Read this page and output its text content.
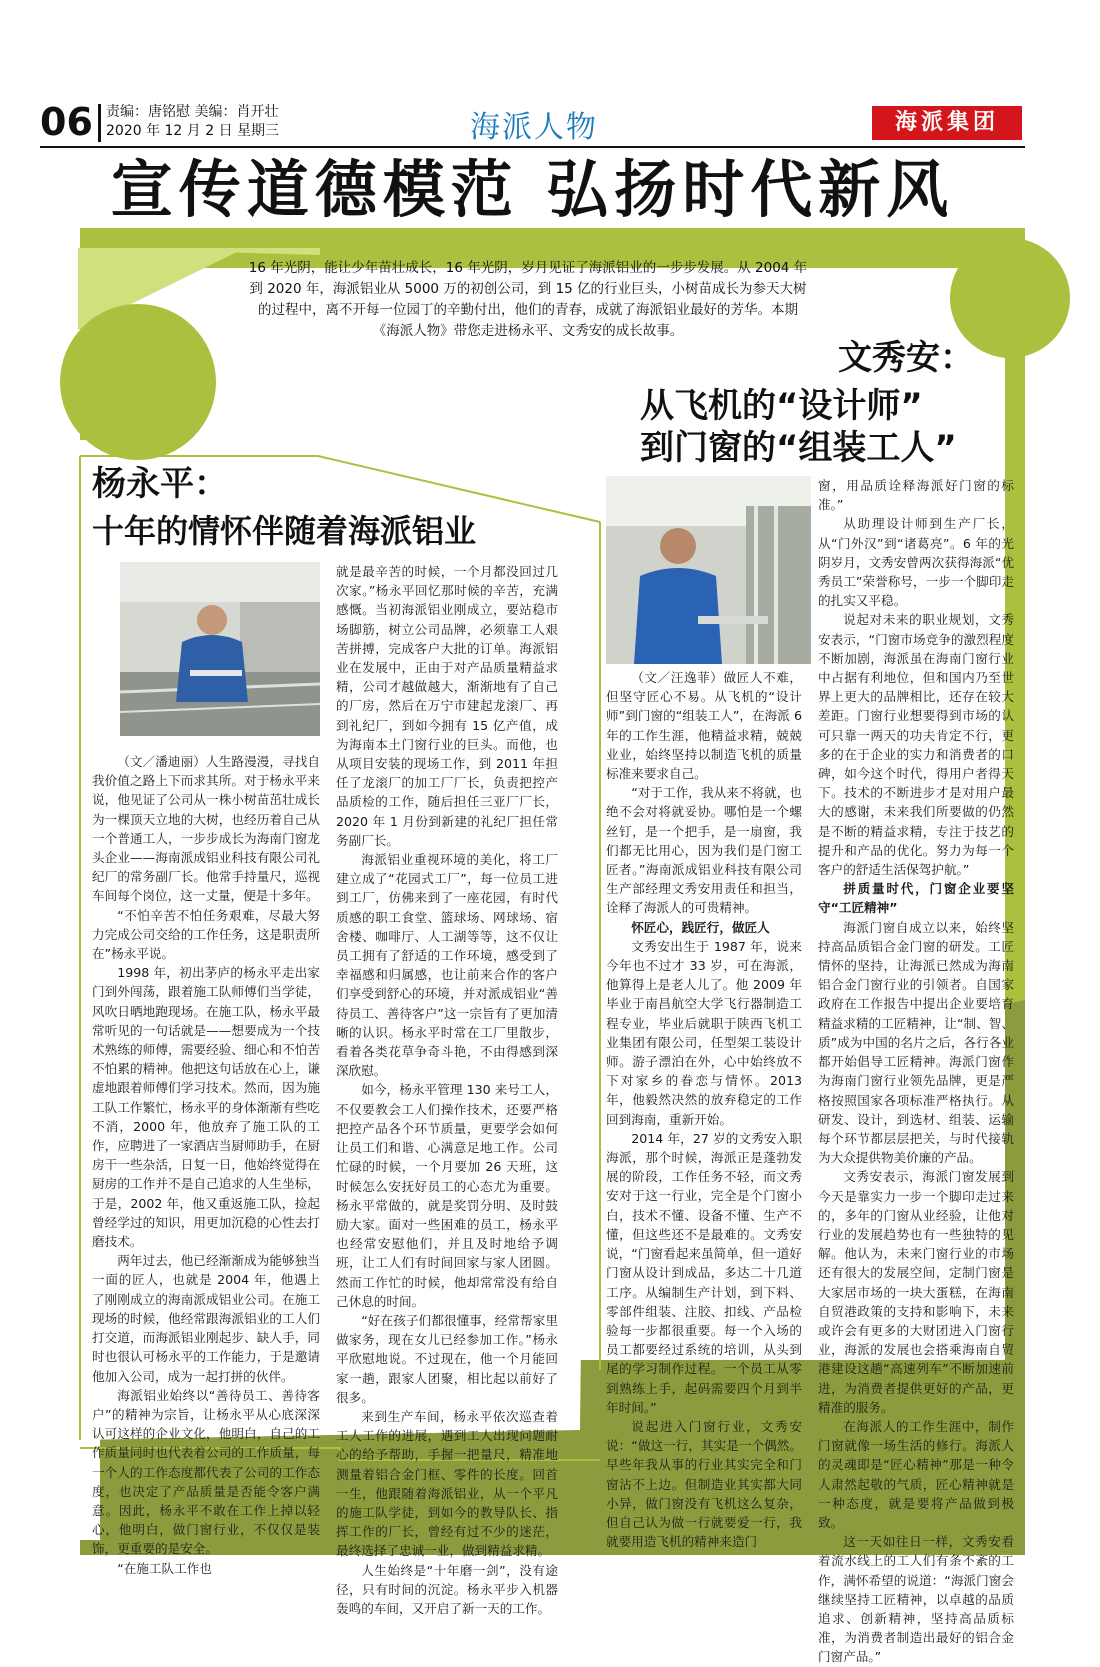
06 责编：唐铭慰 美编：肖开壮
2020 年 12 月 2 日 星期三	海派人物	海派集团
宣传道德模范 弘扬时代新风
16 年光阴，能让少年苗壮成长，16 年光阴，岁月见证了海派铝业的一步步发展。从 2004 年到 2020 年，海派铝业从 5000 万的初创公司，到 15 亿的行业巨头，小树苗成长为参天大树的过程中，离不开每一位园丁的辛勤付出，他们的青春，成就了海派铝业最好的芳华。本期《海派人物》带您走进杨永平、文秀安的成长故事。
文秀安：
从飞机的“设计师”
到门窗的“组装工人”
杨永平：
十年的情怀伴随着海派铝业

（文／潘迪丽）人生路漫漫，寻找自我价值之路上下而求其所。对于杨永平来说，他见证了公司从一株小树苗茁壮成长为一棵顶天立地的大树，也经历着自己从一个普通工人，一步步成长为海南门窗龙头企业——海南派成铝业科技有限公司礼纪厂的常务副厂长。他常手持量尺，巡视车间每个岗位，这一丈量，便是十多年。

“不怕辛苦不怕任务艰难，尽最大努力完成公司交给的工作任务，这是职责所在”杨永平说。

1998 年，初出茅庐的杨永平走出家门到外闯荡，跟着施工队师傅们当学徒，风吹日晒地跑现场。在施工队，杨永平最常听见的一句话就是——想要成为一个技术熟练的师傅，需要经验、细心和不怕苦不怕累的精神。他把这句话放在心上，谦虚地跟着师傅们学习技术。然而，因为施工队工作繁忙，杨永平的身体渐渐有些吃不消，2000 年，他放弃了施工队的工作，应聘进了一家酒店当厨师助手，在厨房干一些杂活，日复一日，他始终觉得在厨房的工作并不是自己追求的人生坐标，于是，2002 年，他又重返施工队，捡起曾经学过的知识，用更加沉稳的心性去打磨技术。

两年过去，他已经渐渐成为能够独当一面的匠人，也就是 2004 年，他遇上了刚刚成立的海南派成铝业公司。在施工现场的时候，他经常跟海派铝业的工人们打交道，而海派铝业刚起步、缺人手，同时也很认可杨永平的工作能力，于是邀请他加入公司，成为一起打拼的伙伴。

海派铝业始终以“善待员工、善待客户”的精神为宗旨，让杨永平从心底深深认可这样的企业文化，他明白，自己的工作质量同时也代表着公司的工作质量，每一个人的工作态度都代表了公司的工作态度，也决定了产品质量是否能令客户满意。因此，杨永平不敢在工作上掉以轻心，他明白，做门窗行业，不仅仅是装饰，更重要的是安全。

“在施工队工作也

就是最辛苦的时候，一个月都没回过几次家。”杨永平回忆那时候的辛苦，充满感慨。当初海派铝业刚成立，要站稳市场脚筋，树立公司品牌，必须靠工人艰苦拼搏，完成客户大批的订单。海派铝业在发展中，正由于对产品质量精益求精，公司才越做越大，渐渐地有了自己的厂房，然后在万宁市建起龙滚厂、再到礼纪厂，到如今拥有 15 亿产值，成为海南本土门窗行业的巨头。而他，也从项目安装的现场工作，到 2011 年担任了龙滚厂的加工厂厂长，负责把控产品质检的工作，随后担任三亚厂厂长，2020 年 1 月份到新建的礼纪厂担任常务副厂长。

海派铝业重视环境的美化，将工厂建立成了“花园式工厂”，每一位员工进到工厂，仿佛来到了一座花园，有时代质感的职工食堂、篮球场、网球场、宿舍楼、咖啡厅、人工湖等等，这不仅让员工拥有了舒适的工作环境，感受到了幸福感和归属感，也让前来合作的客户们享受到舒心的环境，并对派成铝业“善待员工、善待客户”这一宗旨有了更加清晰的认识。杨永平时常在工厂里散步，看着各类花草争奇斗艳，不由得感到深深欣慰。

如今，杨永平管理 130 来号工人，不仅要教会工人们操作技术，还要严格把控产品各个环节质量，更要学会如何让员工们和谐、心满意足地工作。公司忙碌的时候，一个月要加 26 天班，这时候怎么安抚好员工的心态尤为重要。杨永平常做的，就是奖罚分明、及时鼓励大家。面对一些困难的员工，杨永平也经常安慰他们，并且及时地给予调班，让工人们有时间回家与家人团圆。然而工作忙的时候，他却常常没有给自己休息的时间。

“好在孩子们都很懂事，经常帮家里做家务，现在女儿已经参加工作。”杨永平欣慰地说。不过现在，他一个月能回家一趟，跟家人团聚，相比起以前好了很多。

来到生产车间，杨永平依次巡查着工人工作的进展，遇到工人出现问题耐心的给予帮助，手握一把量尺，精准地测量着铝合金门框、零件的长度。回首一生，他跟随着海派铝业，从一个平凡的施工队学徒，到如今的教导队长、指挥工作的厂长，曾经有过不少的迷茫，最终选择了忠诚一业，做到精益求精。

人生始终是“十年磨一剑”，没有途径，只有时间的沉淀。杨永平步入机器轰鸣的车间，又开启了新一天的工作。

（文／汪逸菲）做匠人不难，但坚守匠心不易。从飞机的“设计师”到门窗的“组装工人”，在海派 6 年的工作生涯，他精益求精，兢兢业业，始终坚持以制造飞机的质量标准来要求自己。

“对于工作，我从来不将就，也绝不会对将就妥协。哪怕是一个螺丝钉，是一个把手，是一扇窗，我们都无比用心，因为我们是门窗工匠者。”海南派成铝业科技有限公司生产部经理文秀安用责任和担当，诠释了海派人的可贵精神。

怀匠心，践匠行，做匠人

文秀安出生于 1987 年，说来今年也不过才 33 岁，可在海派，他算得上是老人儿了。他 2009 年毕业于南昌航空大学飞行器制造工程专业，毕业后就职于陕西飞机工业集团有限公司，任型架工装设计师。游子漂泊在外，心中始终放不下对家乡的眷恋与情怀。2013 年，他毅然决然的放弃稳定的工作回到海南，重新开始。

2014 年，27 岁的文秀安入职海派，那个时候，海派正是蓬勃发展的阶段，工作任务不轻，而文秀安对于这一行业，完全是个门窗小白，技术不懂、设备不懂、生产不懂，但这些还不是最难的。文秀安说，“门窗看起来虽简单，但一道好门窗从设计到成品，多达二十几道工序。从编制生产计划，到下料、零部件组装、注胶、扣线、产品检验每一步都很重要。每一个入场的员工都要经过系统的培训，从头到尾的学习制作过程。一个员工从零到熟练上手，起码需要四个月到半年时间。”

说起进入门窗行业，文秀安说：“做这一行，其实是一个偶然。早些年我从事的行业其实完全和门窗沾不上边。但制造业其实都大同小异，做门窗没有飞机这么复杂，但自己认为做一行就要爱一行，我就要用造飞机的精神来造门

窗，用品质诠释海派好门窗的标准。”

从助理设计师到生产厂长，从“门外汉”到“诸葛亮”。6 年的光阴岁月，文秀安曾两次获得海派“优秀员工”荣誉称号，一步一个脚印走的扎实又平稳。

说起对未来的职业规划，文秀安表示，“门窗市场竞争的激烈程度不断加剧，海派虽在海南门窗行业中占据有利地位，但和国内乃至世界上更大的品牌相比，还存在较大差距。门窗行业想要得到市场的认可只靠一两天的功夫肯定不行，更多的在于企业的实力和消费者的口碑，如今这个时代，得用户者得天下。技术的不断进步才是对用户最大的感谢，未来我们所要做的仍然是不断的精益求精，专注于技艺的提升和产品的优化。努力为每一个客户的舒适生活保驾护航。”

拼质量时代，门窗企业要坚守“工匠精神”

海派门窗自成立以来，始终坚持高品质铝合金门窗的研发。工匠情怀的坚持，让海派已然成为海南铝合金门窗行业的引领者。自国家政府在工作报告中提出企业要培育精益求精的工匠精神，让“制、智、质”成为中国的名片之后，各行各业都开始倡导工匠精神。海派门窗作为海南门窗行业领先品牌，更是严格按照国家各项标准严格执行。从研发、设计，到选材、组装、运输每个环节都层层把关，与时代接轨为大众提供物美价廉的产品。

文秀安表示，海派门窗发展到今天是靠实力一步一个脚印走过来的，多年的门窗从业经验，让他对行业的发展趋势也有一些独特的见解。他认为，未来门窗行业的市场还有很大的发展空间，定制门窗是大家居市场的一块大蛋糕，在海南自贸港政策的支持和影响下，未来或许会有更多的大财团进入门窗行业，海派的发展也会搭乘海南自贸港建设这趟“高速列车”不断加速前进，为消费者提供更好的产品，更精准的服务。

在海派人的工作生涯中，制作门窗就像一场生活的修行。海派人的灵魂即是“匠心精神”那是一种令人肃然起敬的气质，匠心精神就是一种态度，就是要将产品做到极致。

这一天如往日一样，文秀安看着流水线上的工人们有条不紊的工作，满怀希望的说道：“海派门窗会继续坚持工匠精神，以卓越的品质追求、创新精神，坚持高品质标准，为消费者制造出最好的铝合金门窗产品。”
